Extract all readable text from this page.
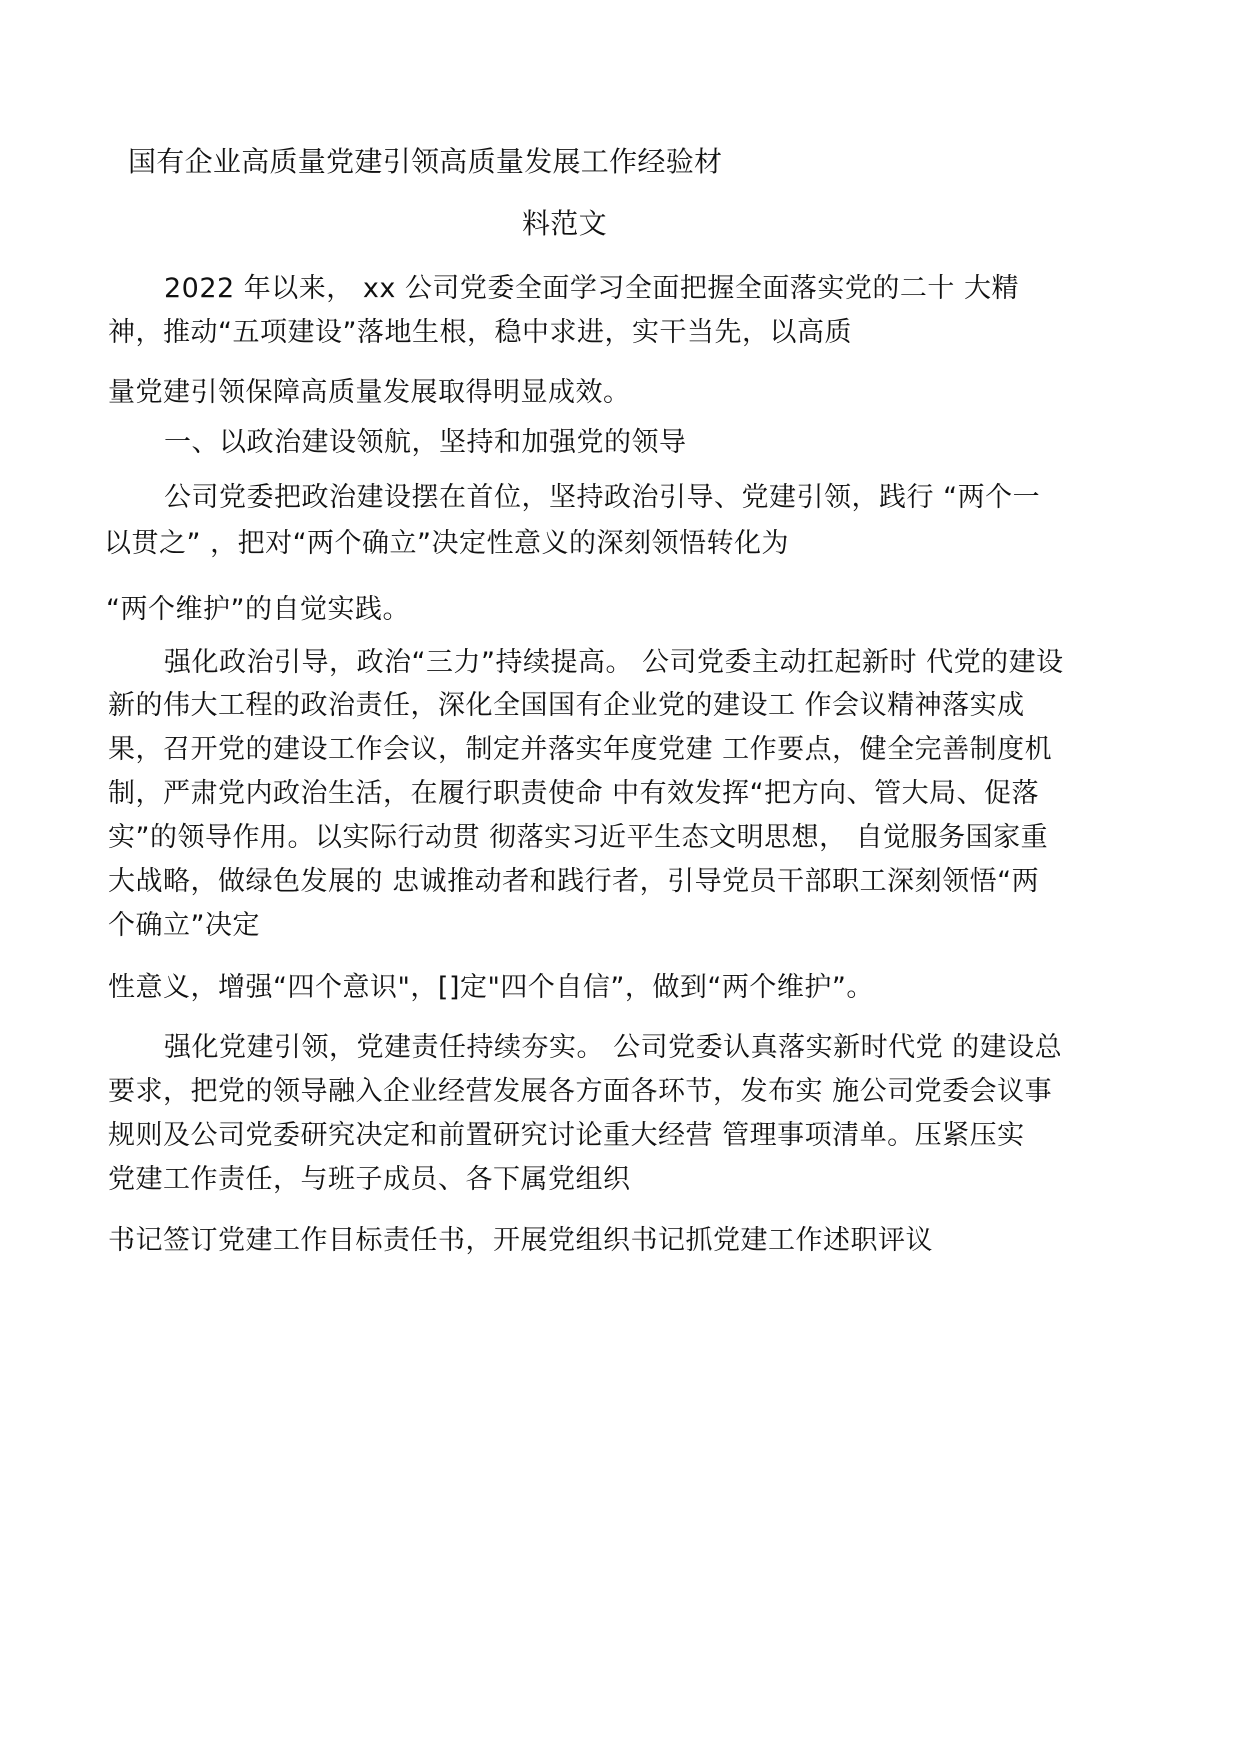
国有企业高质量党建引领高质量发展工作经验材
料范文
2022 年以来， xx 公司党委全面学习全面把握全面落实党的二十 大精
神，推动“五项建设”落地生根，稳中求进，实干当先，以高质
量党建引领保障高质量发展取得明显成效。
一、以政治建设领航，坚持和加强党的领导
公司党委把政治建设摆在首位，坚持政治引导、党建引领，践行 “两个一
以贯之” ，把对“两个确立”决定性意义的深刻领悟转化为
“两个维护”的自觉实践。
强化政治引导，政治“三力”持续提高。 公司党委主动扛起新时 代党的建设
新的伟大工程的政治责任，深化全国国有企业党的建设工 作会议精神落实成
果，召开党的建设工作会议，制定并落实年度党建 工作要点，健全完善制度机
制，严肃党内政治生活，在履行职责使命 中有效发挥“把方向、管大局、促落
实”的领导作用。以实际行动贯 彻落实习近平生态文明思想， 自觉服务国家重
大战略，做绿色发展的 忠诚推动者和践行者，引导党员干部职工深刻领悟“两
个确立”决定
性意义，增强“四个意识"，[]定"四个自信”，做到“两个维护”。
强化党建引领，党建责任持续夯实。 公司党委认真落实新时代党 的建设总
要求，把党的领导融入企业经营发展各方面各环节，发布实 施公司党委会议事
规则及公司党委研究决定和前置研究讨论重大经营 管理事项清单。压紧压实
党建工作责任，与班子成员、各下属党组织
书记签订党建工作目标责任书，开展党组织书记抓党建工作述职评议
